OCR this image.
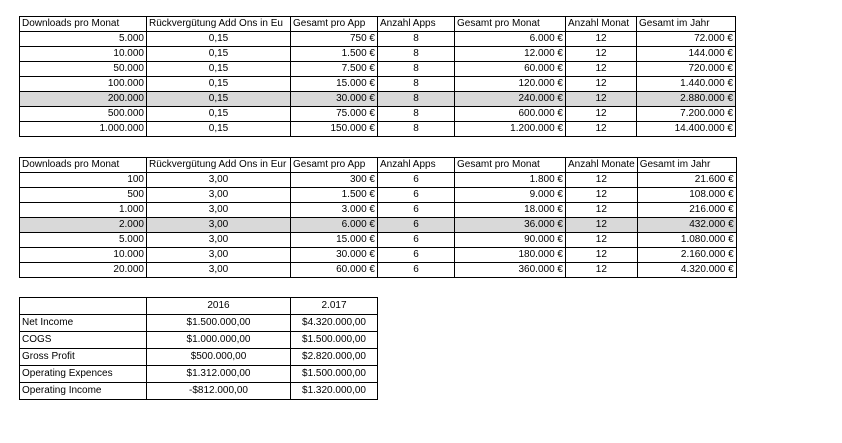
Downloads pro Monat	Rückvergütung Add Ons in Eu	Gesamt pro App	Anzahl Apps	Gesamt pro Monat	Anzahl Monat	Gesamt im Jahr
5.000	0,15	750 €	8	6.000 €	12	72.000 €
10.000	0,15	1.500 €	8	12.000 €	12	144.000 €
50.000	0,15	7.500 €	8	60.000 €	12	720.000 €
100.000	0,15	15.000 €	8	120.000 €	12	1.440.000 €
200.000	0,15	30.000 €	8	240.000 €	12	2.880.000 €
500.000	0,15	75.000 €	8	600.000 €	12	7.200.000 €
1.000.000	0,15	150.000 €	8	1.200.000 €	12	14.400.000 €
Downloads pro Monat	Rückvergütung Add Ons in Eur	Gesamt pro App	Anzahl Apps	Gesamt pro Monat	Anzahl Monate	Gesamt im Jahr
100	3,00	300 €	6	1.800 €	12	21.600 €
500	3,00	1.500 €	6	9.000 €	12	108.000 €
1.000	3,00	3.000 €	6	18.000 €	12	216.000 €
2.000	3,00	6.000 €	6	36.000 €	12	432.000 €
5.000	3,00	15.000 €	6	90.000 €	12	1.080.000 €
10.000	3,00	30.000 €	6	180.000 €	12	2.160.000 €
20.000	3,00	60.000 €	6	360.000 €	12	4.320.000 €
	2016	2.017
Net Income	$1.500.000,00	$4.320.000,00
COGS	$1.000.000,00	$1.500.000,00
Gross Profit	$500.000,00	$2.820.000,00
Operating Expences	$1.312.000,00	$1.500.000,00
Operating Income	-$812.000,00	$1.320.000,00
